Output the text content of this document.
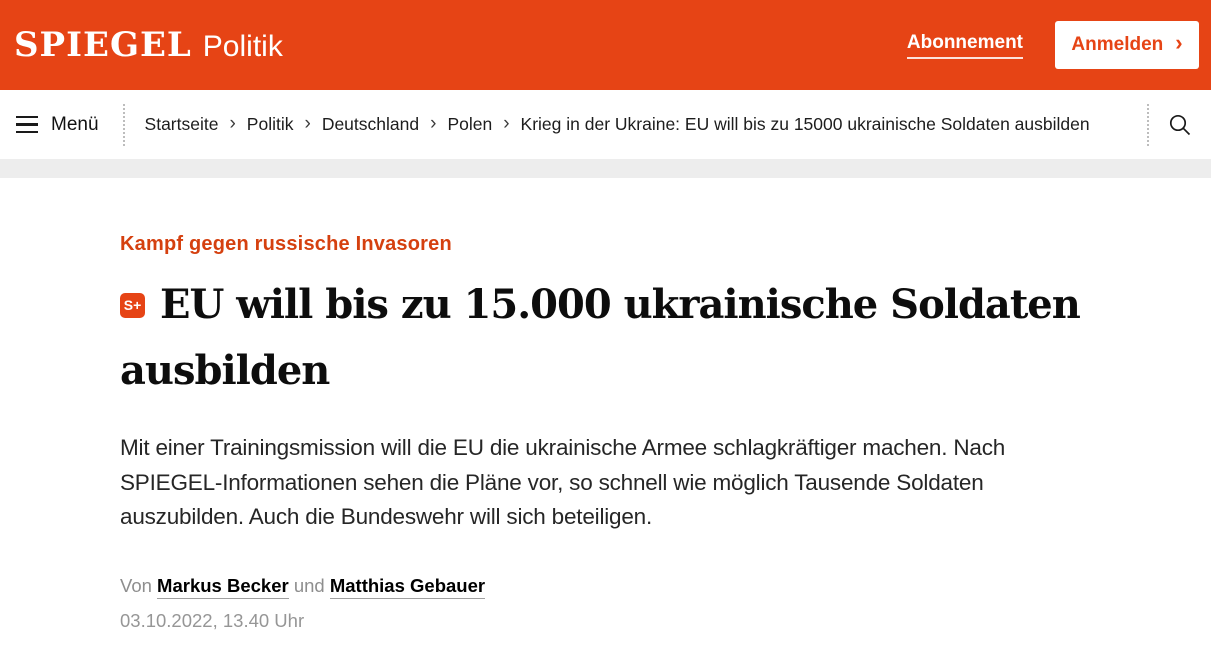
SPIEGEL Politik	Abonnement	Anmelden ›
Menü	Startseite › Politik › Deutschland › Polen › Krieg in der Ukraine: EU will bis zu 15000 ukrainische Soldaten ausbilden
Kampf gegen russische Invasoren
S+ EU will bis zu 15.000 ukrainische Soldaten ausbilden

Mit einer Trainingsmission will die EU die ukrainische Armee schlagkräftiger machen. Nach SPIEGEL-Informationen sehen die Pläne vor, so schnell wie möglich Tausende Soldaten auszubilden. Auch die Bundeswehr will sich beteiligen.

Von Markus Becker und Matthias Gebauer
03.10.2022, 13.40 Uhr
